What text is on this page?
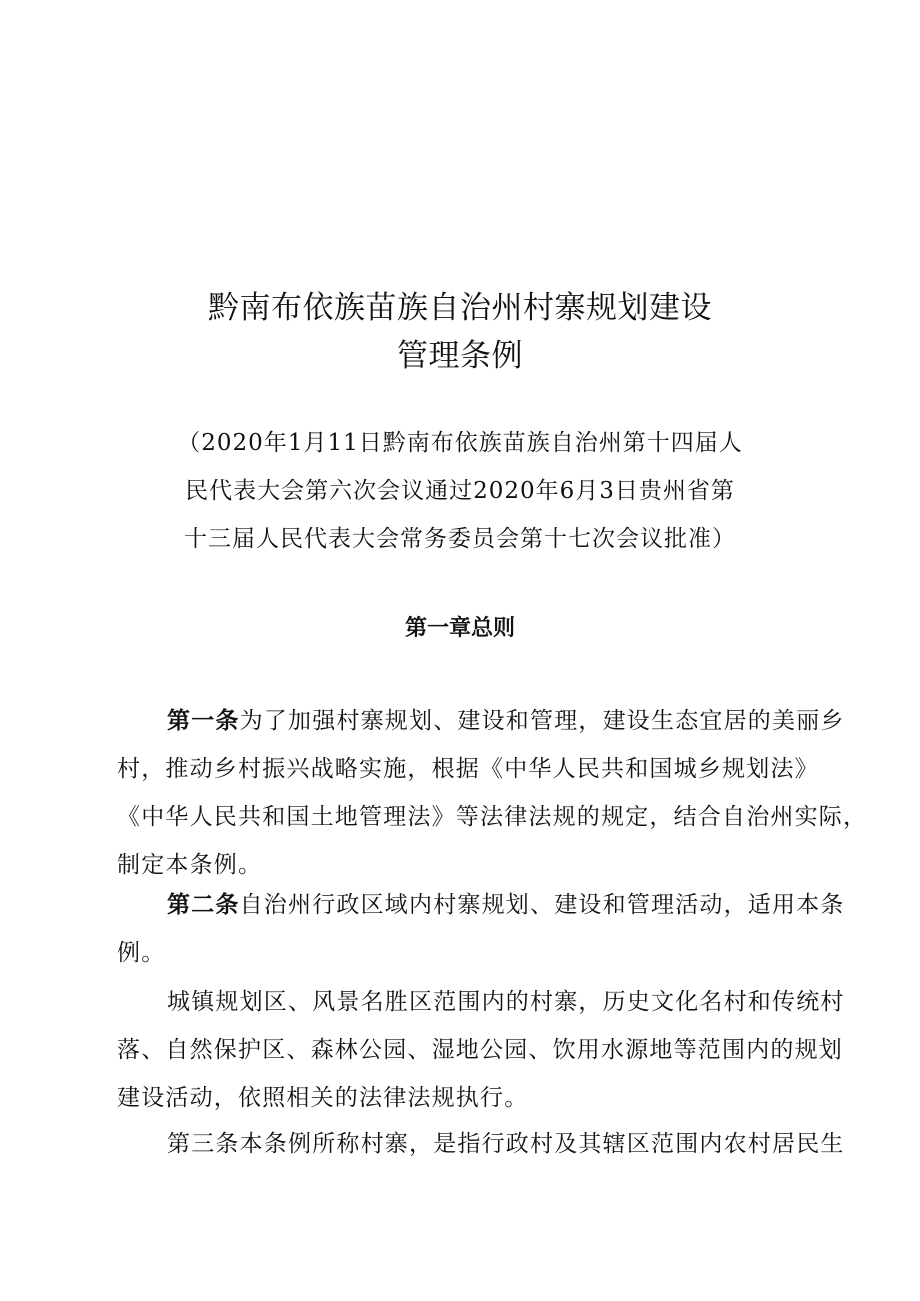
黔南布依族苗族自治州村寨规划建设
管理条例

（2020年1月11日黔南布依族苗族自治州第十四届人

民代表大会第六次会议通过2020年6月3日贵州省第

十三届人民代表大会常务委员会第十七次会议批准）

第一章总则

第一条为了加强村寨规划、建设和管理，建设生态宜居的美丽乡

村，推动乡村振兴战略实施，根据《中华人民共和国城乡规划法》

《中华人民共和国土地管理法》等法律法规的规定，结合自治州实际，

制定本条例。

第二条自治州行政区域内村寨规划、建设和管理活动，适用本条

例。

城镇规划区、风景名胜区范围内的村寨，历史文化名村和传统村

落、自然保护区、森林公园、湿地公园、饮用水源地等范围内的规划

建设活动，依照相关的法律法规执行。

第三条本条例所称村寨，是指行政村及其辖区范围内农村居民生
